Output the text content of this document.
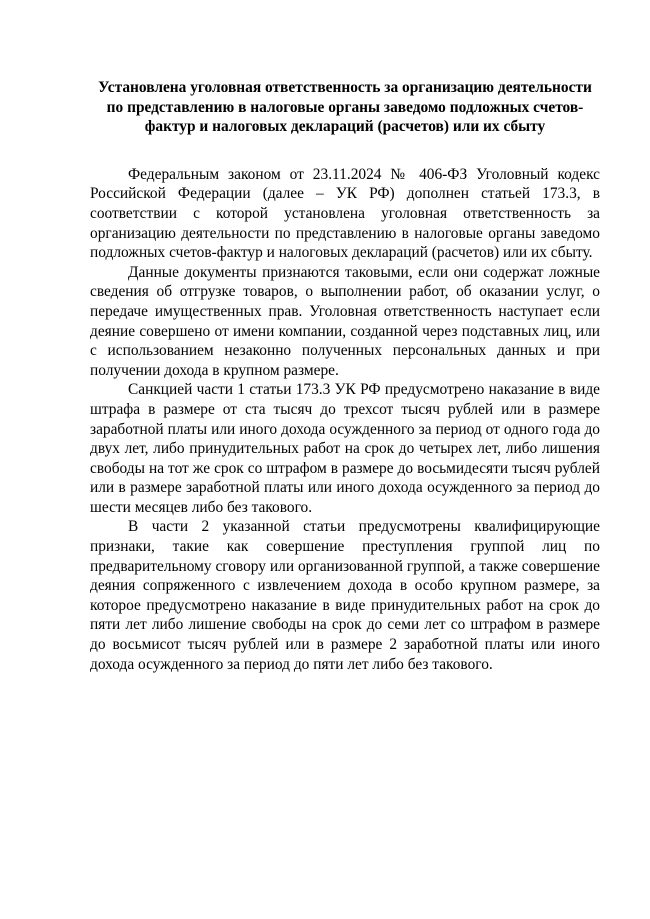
Установлена уголовная ответственность за организацию деятельности по представлению в налоговые органы заведомо подложных счетов-фактур и налоговых деклараций (расчетов) или их сбыту

Федеральным законом от 23.11.2024 № 406-ФЗ Уголовный кодекс Российской Федерации (далее – УК РФ) дополнен статьей 173.3, в соответствии с которой установлена уголовная ответственность за организацию деятельности по представлению в налоговые органы заведомо подложных счетов-фактур и налоговых деклараций (расчетов) или их сбыту.

Данные документы признаются таковыми, если они содержат ложные сведения об отгрузке товаров, о выполнении работ, об оказании услуг, о передаче имущественных прав. Уголовная ответственность наступает если деяние совершено от имени компании, созданной через подставных лиц, или с использованием незаконно полученных персональных данных и при получении дохода в крупном размере.

Санкцией части 1 статьи 173.3 УК РФ предусмотрено наказание в виде штрафа в размере от ста тысяч до трехсот тысяч рублей или в размере заработной платы или иного дохода осужденного за период от одного года до двух лет, либо принудительных работ на срок до четырех лет, либо лишения свободы на тот же срок со штрафом в размере до восьмидесяти тысяч рублей или в размере заработной платы или иного дохода осужденного за период до шести месяцев либо без такового.

В части 2 указанной статьи предусмотрены квалифицирующие признаки, такие как совершение преступления группой лиц по предварительному сговору или организованной группой, а также совершение деяния сопряженного с извлечением дохода в особо крупном размере, за которое предусмотрено наказание в виде принудительных работ на срок до пяти лет либо лишение свободы на срок до семи лет со штрафом в размере до восьмисот тысяч рублей или в размере 2 заработной платы или иного дохода осужденного за период до пяти лет либо без такового.
